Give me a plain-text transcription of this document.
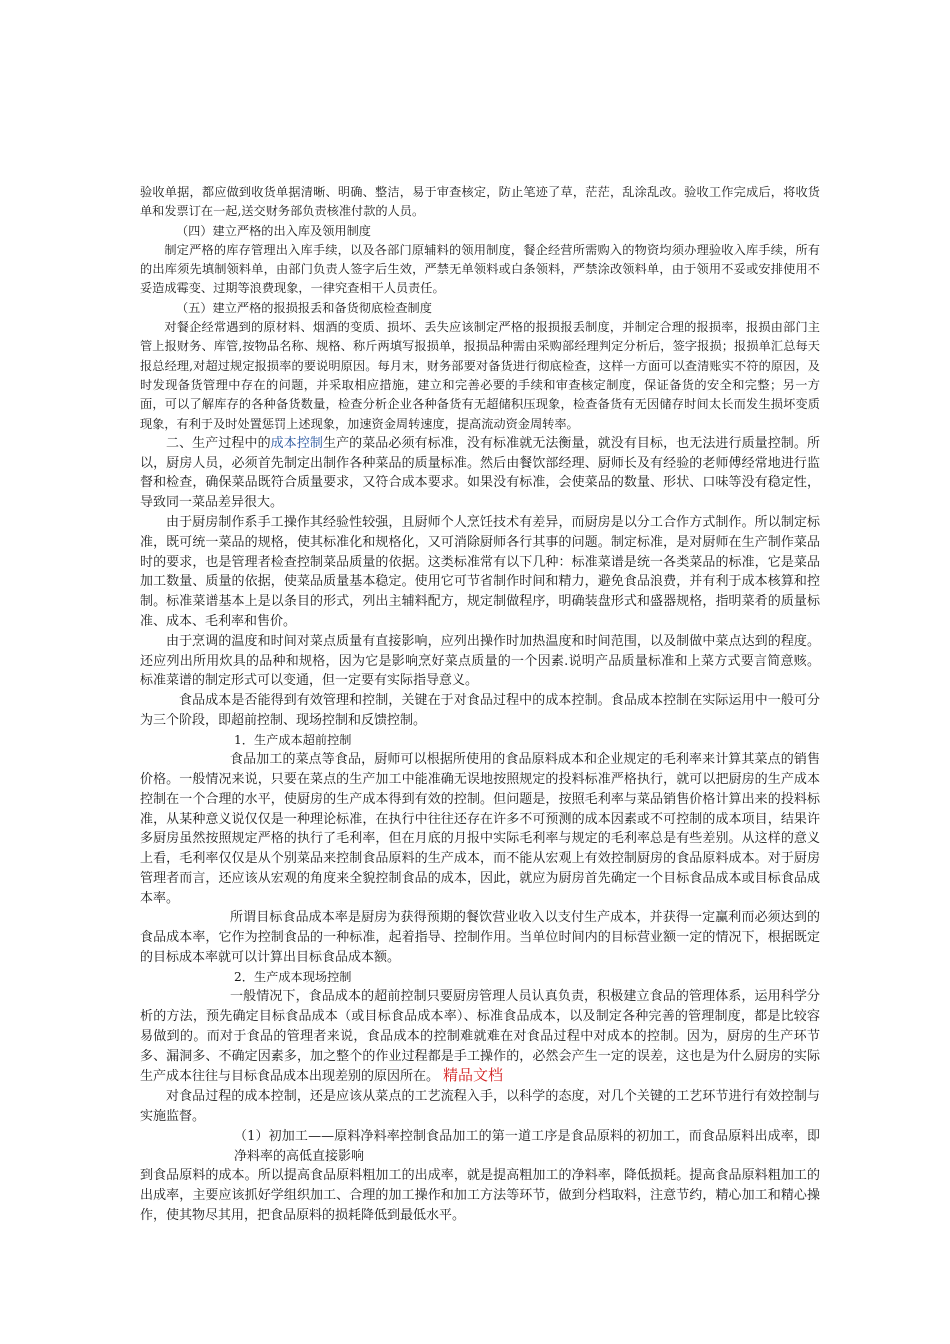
验收单据，都应做到收货单据清晰、明确、整洁，易于审查核定，防止笔迹了草，茫茫，乱涂乱改。验收工作完成后，将收货单和发票订在一起,送交财务部负责核准付款的人员。

（四）建立严格的出入库及领用制度

制定严格的库存管理出入库手续，以及各部门原辅料的领用制度，餐企经营所需购入的物资均须办理验收入库手续，所有的出库须先填制领料单，由部门负责人签字后生效，严禁无单领料或白条领料，严禁涂改领料单，由于领用不妥或安排使用不妥造成霉变、过期等浪费现象，一律究查相干人员责任。

（五）建立严格的报损报丢和备货彻底检查制度

对餐企经常遇到的原材料、烟酒的变质、损坏、丢失应该制定严格的报损报丢制度，并制定合理的报损率，报损由部门主管上报财务、库管,按物品名称、规格、称斤两填写报损单，报损品种需由采购部经理判定分析后，签字报损；报损单汇总每天报总经理,对超过规定报损率的要说明原因。每月末，财务部要对备货进行彻底检查，这样一方面可以查清账实不符的原因，及时发现备货管理中存在的问题，并采取相应措施，建立和完善必要的手续和审查核定制度，保证备货的安全和完整；另一方面，可以了解库存的各种备货数量，检查分析企业各种备货有无超储积压现象，检查备货有无因储存时间太长而发生损坏变质现象，有利于及时处置惩罚上述现象，加速资金周转速度，提高流动资金周转率。

二、生产过程中的成本控制生产的菜品必须有标准，没有标准就无法衡量，就没有目标，也无法进行质量控制。所以，厨房人员，必须首先制定出制作各种菜品的质量标准。然后由餐饮部经理、厨师长及有经验的老师傅经常地进行监督和检查，确保菜品既符合质量要求，又符合成本要求。如果没有标准，会使菜品的数量、形状、口味等没有稳定性，导致同一菜品差异很大。

由于厨房制作系手工操作其经验性较强，且厨师个人烹饪技术有差异，而厨房是以分工合作方式制作。所以制定标准，既可统一菜品的规格，使其标准化和规格化，又可消除厨师各行其事的问题。制定标准，是对厨师在生产制作菜品时的要求，也是管理者检查控制菜品质量的依据。这类标准常有以下几种：标准菜谱是统一各类菜品的标准，它是菜品加工数量、质量的依据，使菜品质量基本稳定。使用它可节省制作时间和精力，避免食品浪费，并有利于成本核算和控制。标准菜谱基本上是以条目的形式，列出主辅料配方，规定制做程序，明确装盘形式和盛器规格，指明菜肴的质量标准、成本、毛利率和售价。

由于烹调的温度和时间对菜点质量有直接影响，应列出操作时加热温度和时间范围，以及制做中菜点达到的程度。还应列出所用炊具的品种和规格，因为它是影响烹好菜点质量的一个因素.说明产品质量标准和上菜方式要言简意赅。标准菜谱的制定形式可以变通，但一定要有实际指导意义。

食品成本是否能得到有效管理和控制，关键在于对食品过程中的成本控制。食品成本控制在实际运用中一般可分为三个阶段，即超前控制、现场控制和反馈控制。

1．生产成本超前控制

食品加工的菜点等食品，厨师可以根据所使用的食品原料成本和企业规定的毛利率来计算其菜点的销售价格。一般情况来说，只要在菜点的生产加工中能准确无误地按照规定的投料标准严格执行，就可以把厨房的生产成本控制在一个合理的水平，使厨房的生产成本得到有效的控制。但问题是，按照毛利率与菜品销售价格计算出来的投料标准，从某种意义说仅仅是一种理论标准，在执行中往往还存在许多不可预测的成本因素或不可控制的成本项目，结果许多厨房虽然按照规定严格的执行了毛利率，但在月底的月报中实际毛利率与规定的毛利率总是有些差别。从这样的意义上看，毛利率仅仅是从个别菜品来控制食品原料的生产成本，而不能从宏观上有效控制厨房的食品原料成本。对于厨房管理者而言，还应该从宏观的角度来全貌控制食品的成本，因此，就应为厨房首先确定一个目标食品成本或目标食品成本率。

所谓目标食品成本率是厨房为获得预期的餐饮营业收入以支付生产成本，并获得一定赢利而必须达到的食品成本率，它作为控制食品的一种标准，起着指导、控制作用。当单位时间内的目标营业额一定的情况下，根据既定的目标成本率就可以计算出目标食品成本额。

2．生产成本现场控制

一般情况下，食品成本的超前控制只要厨房管理人员认真负责，积极建立食品的管理体系，运用科学分析的方法，预先确定目标食品成本（或目标食品成本率）、标准食品成本，以及制定各种完善的管理制度，都是比较容易做到的。而对于食品的管理者来说，食品成本的控制难就难在对食品过程中对成本的控制。因为，厨房的生产环节多、漏洞多、不确定因素多，加之整个的作业过程都是手工操作的，必然会产生一定的误差，这也是为什么厨房的实际生产成本往往与目标食品成本出现差别的原因所在。 精品文档

对食品过程的成本控制，还是应该从菜点的工艺流程入手，以科学的态度，对几个关键的工艺环节进行有效控制与实施监督。

（1）初加工——原料净料率控制食品加工的第一道工序是食品原料的初加工，而食品原料出成率，即净料率的高低直接影响

到食品原料的成本。所以提高食品原料粗加工的出成率，就是提高粗加工的净料率，降低损耗。提高食品原料粗加工的出成率，主要应该抓好学组织加工、合理的加工操作和加工方法等环节，做到分档取料，注意节约，精心加工和精心操作，使其物尽其用，把食品原料的损耗降低到最低水平。
